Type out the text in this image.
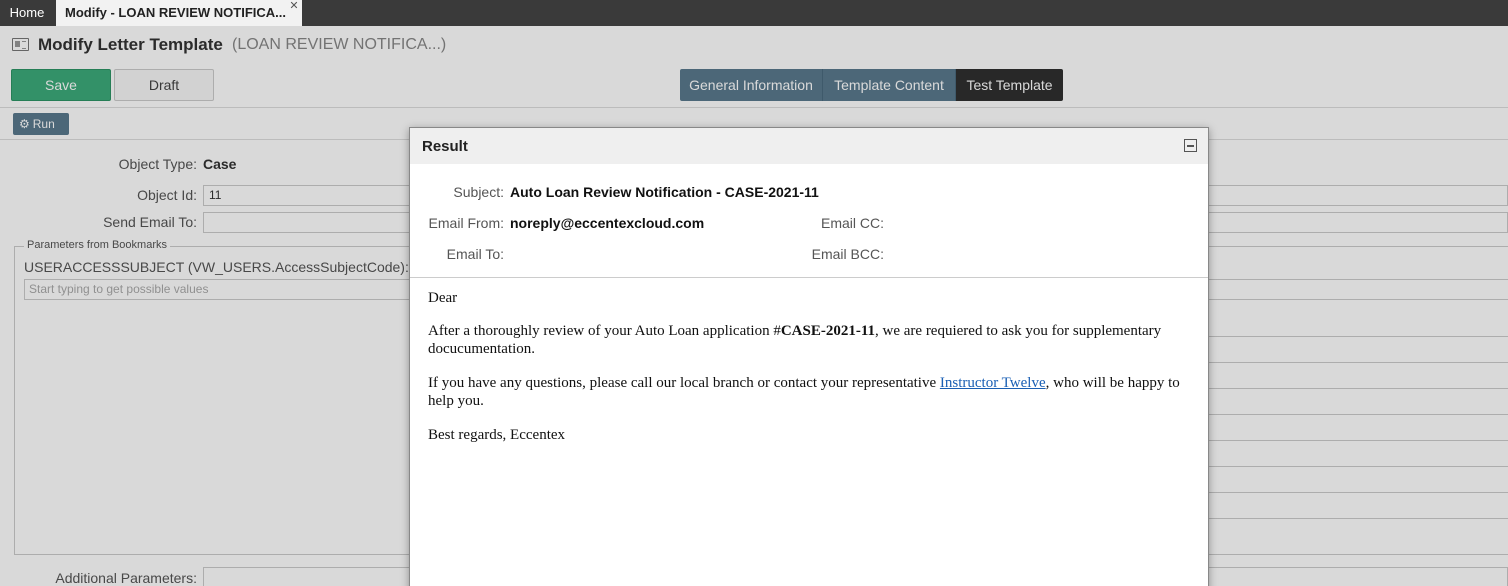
Home	Modify - LOAN REVIEW NOTIFICA... ✕
Modify Letter Template (LOAN REVIEW NOTIFICA...)
Save	Draft	General Information	Template Content	Test Template
⚙ Run
Object Type: Case
Object Id:	11
Send Email To:
Parameters from Bookmarks
USERACCESSSUBJECT (VW_USERS.AccessSubjectCode):
Start typing to get possible values
Additional Parameters:
Result
Subject: Auto Loan Review Notification - CASE-2021-11
Email From: noreply@eccentexcloud.com	Email CC:
Email To:	Email BCC:
Dear
After a thoroughly review of your Auto Loan application #CASE-2021-11, we are requiered to ask you for supplementary docucumentation.
If you have any questions, please call our local branch or contact your representative Instructor Twelve, who will be happy to help you.
Best regards, Eccentex
